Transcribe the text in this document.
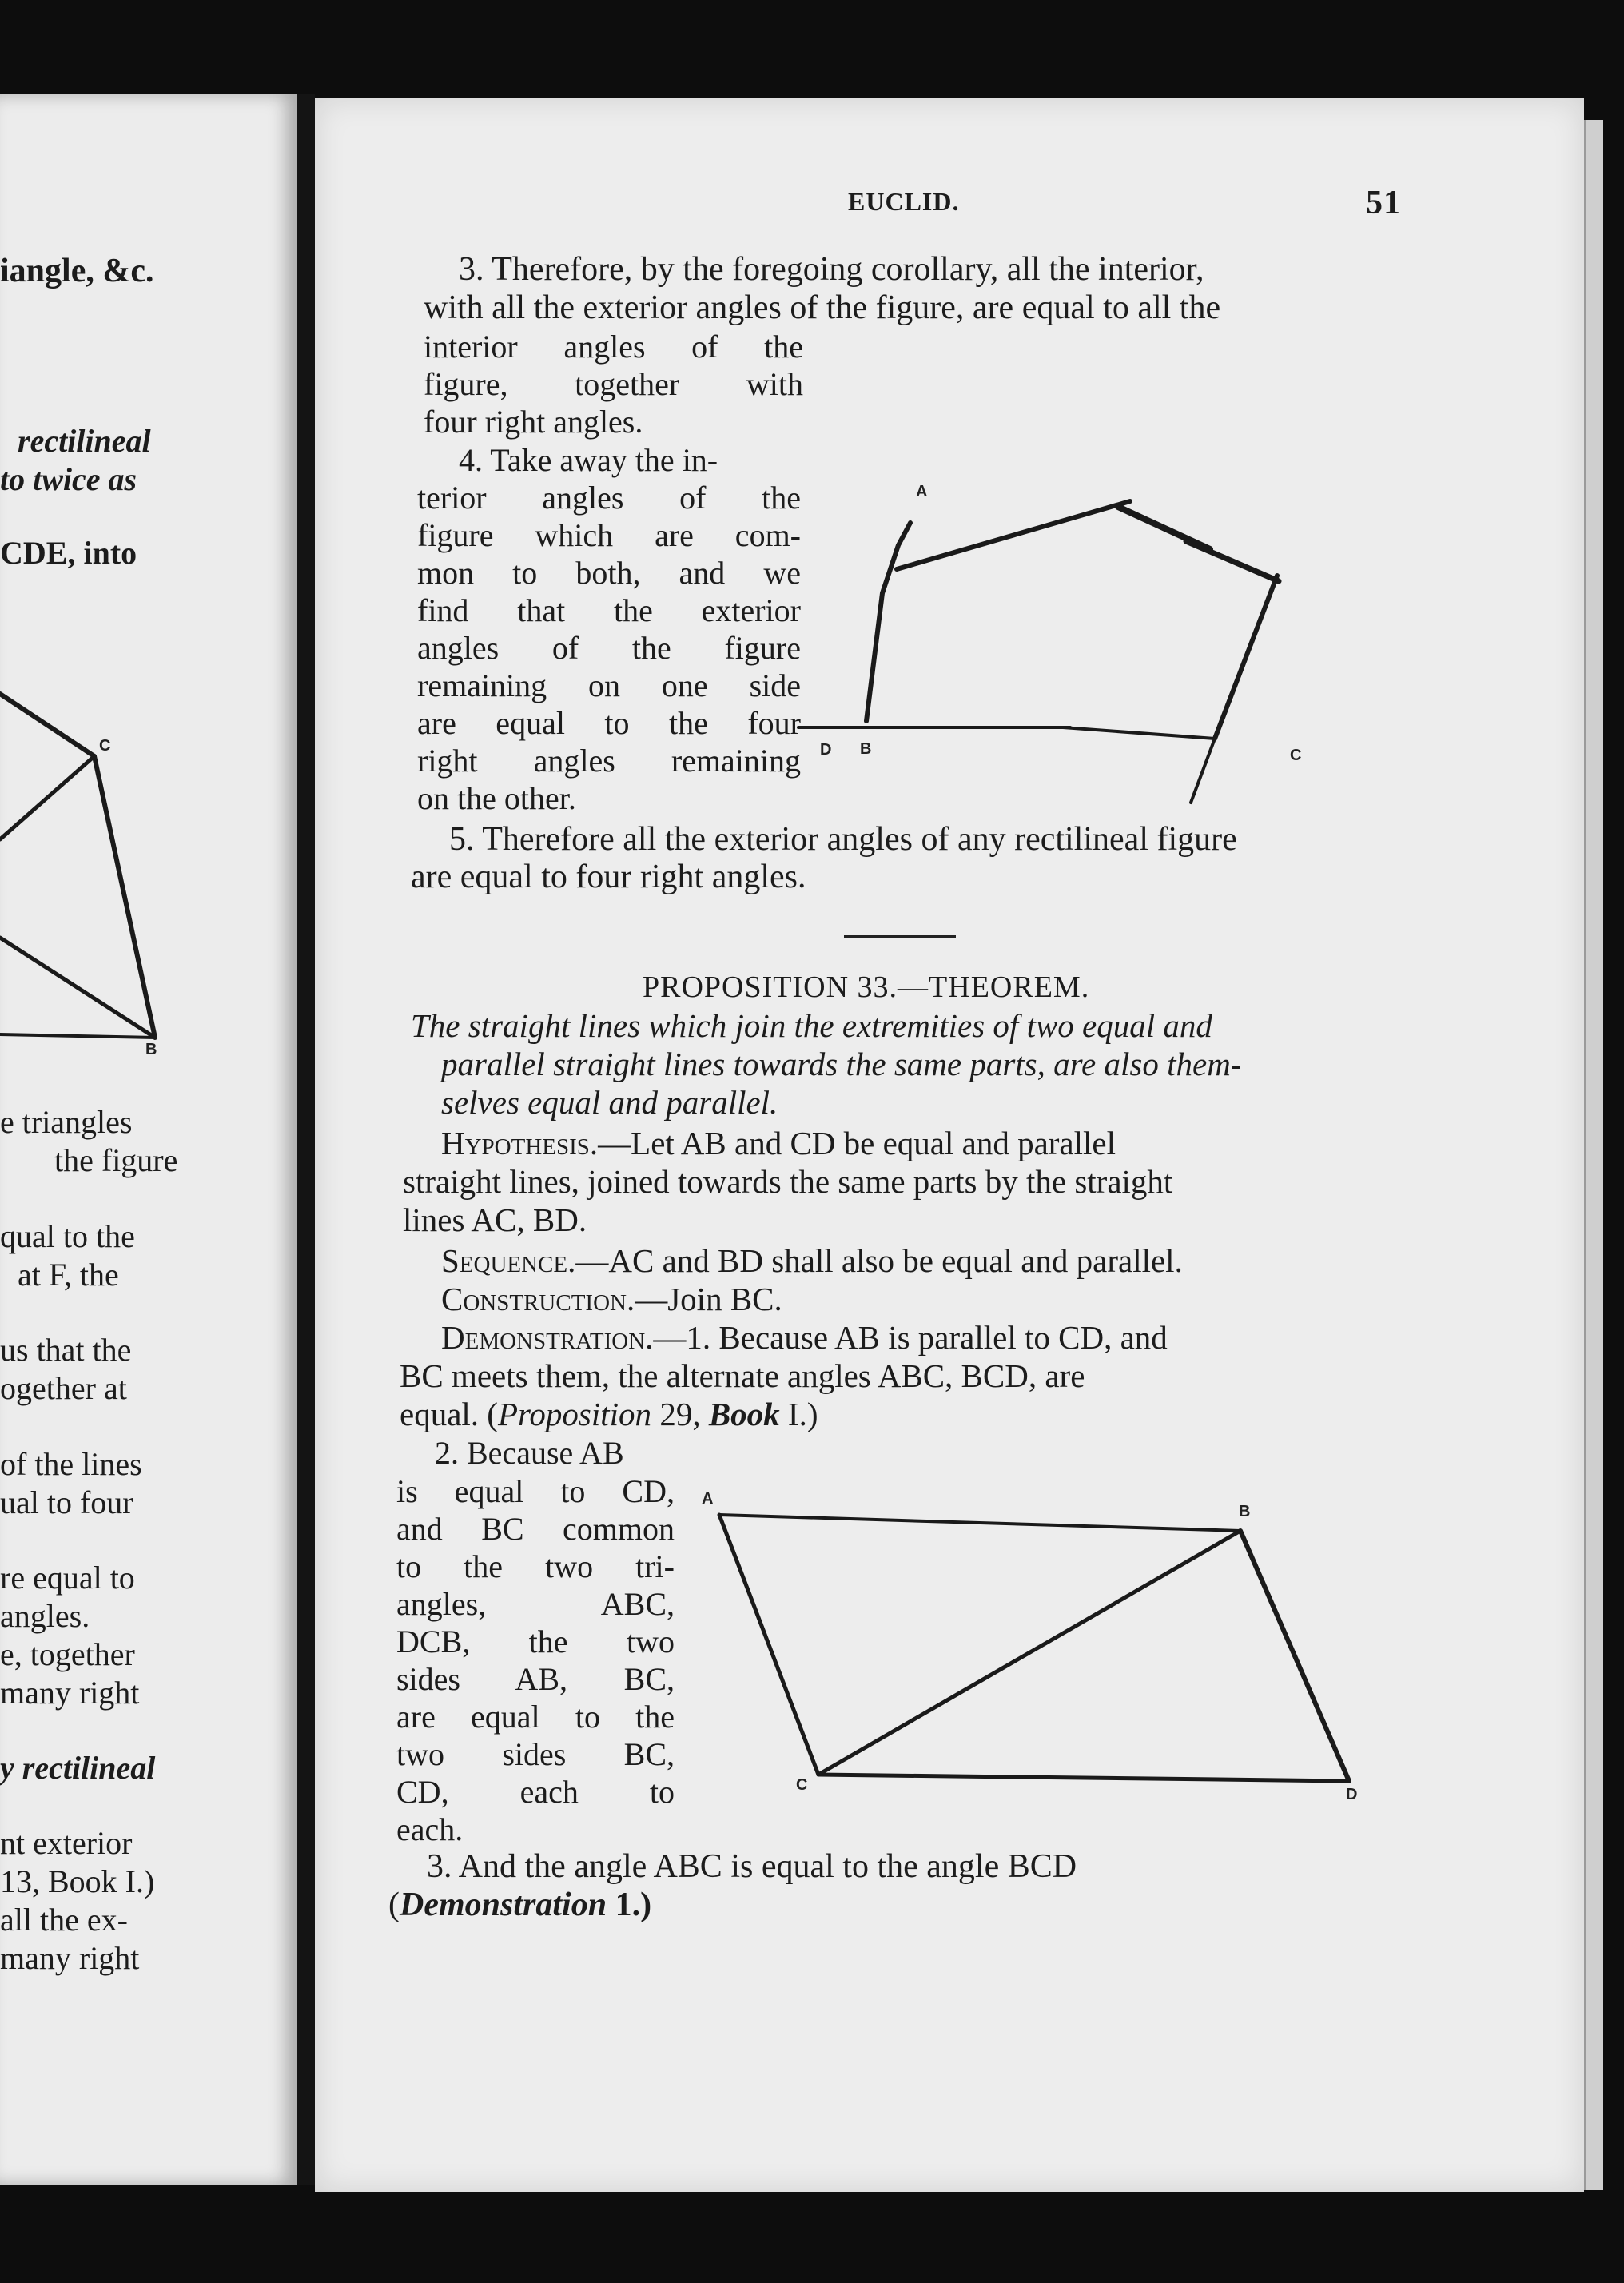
iangle, &c.
rectilineal
to twice as
CDE, into
C
B
e triangles
the figure
qual to the
at F, the
us that the
ogether at
of the lines
ual to four
re equal to
angles.
e, together
many right
y rectilineal
nt exterior
13, Book I.)
all the ex-
many right
EUCLID.	51
3. Therefore, by the foregoing corollary, all the interior,
with all the exterior angles of the figure, are equal to all the
interior angles of the
figure, together with
four right angles.
4. Take away the in-
terior angles of the
figure which are com-
mon to both, and we
find that the exterior
angles of the figure
remaining on one side
are equal to the four
right angles remaining
on the other.
A
D B	C
5. Therefore all the exterior angles of any rectilineal figure
are equal to four right angles.
PROPOSITION 33.—THEOREM.
The straight lines which join the extremities of two equal and
parallel straight lines towards the same parts, are also them-
selves equal and parallel.
Hypothesis.—Let AB and CD be equal and parallel
straight lines, joined towards the same parts by the straight
lines AC, BD.
Sequence.—AC and BD shall also be equal and parallel.
Construction.—Join BC.
Demonstration.—1. Because AB is parallel to CD, and
BC meets them, the alternate angles ABC, BCD, are
equal. (Proposition 29, Book I.)
2. Because AB
is equal to CD,
and BC common
to the two tri-
angles, ABC,
DCB, the two
sides AB, BC,
are equal to the
two sides BC,
CD, each to
each.
A
B
C
D
3. And the angle ABC is equal to the angle BCD
(Demonstration 1.)
